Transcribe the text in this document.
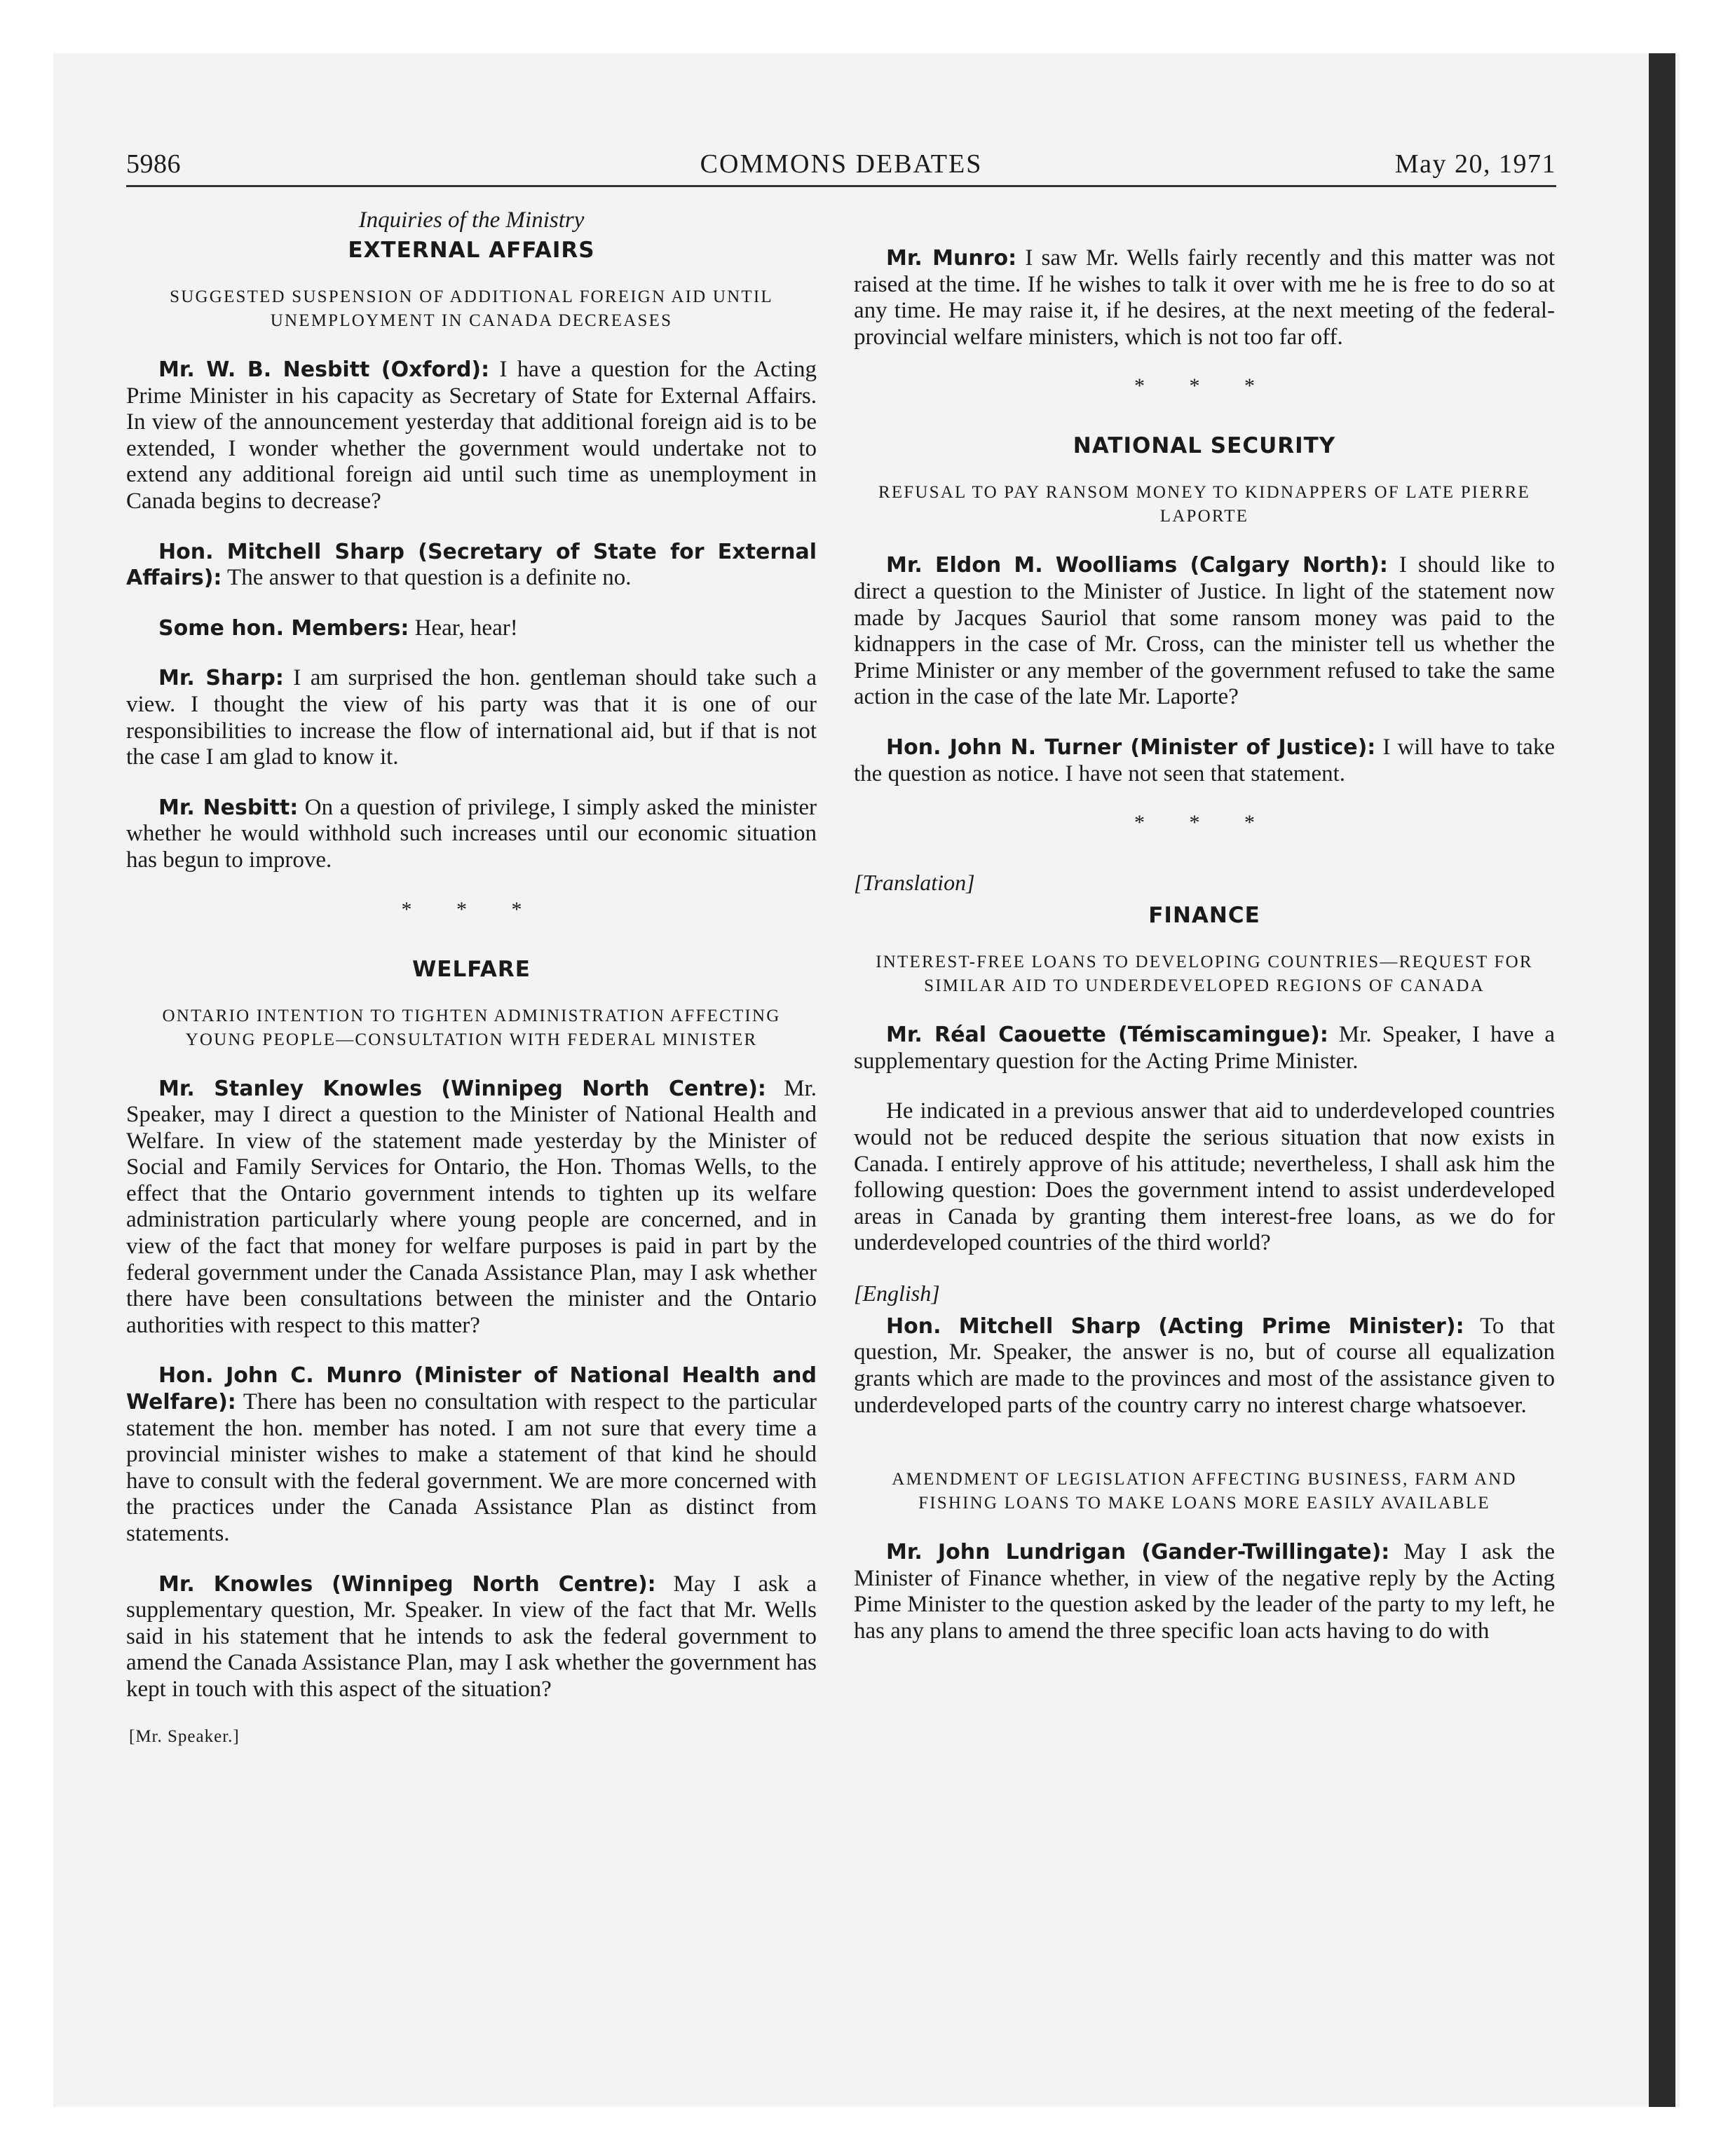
5986	COMMONS DEBATES	May 20, 1971
Inquiries of the Ministry
EXTERNAL AFFAIRS
SUGGESTED SUSPENSION OF ADDITIONAL FOREIGN AID UNTIL UNEMPLOYMENT IN CANADA DECREASES

Mr. W. B. Nesbitt (Oxford): I have a question for the Acting Prime Minister in his capacity as Secretary of State for External Affairs. In view of the announcement yesterday that additional foreign aid is to be extended, I wonder whether the government would undertake not to extend any additional foreign aid until such time as unemployment in Canada begins to decrease?

Hon. Mitchell Sharp (Secretary of State for External Affairs): The answer to that question is a definite no.

Some hon. Members: Hear, hear!

Mr. Sharp: I am surprised the hon. gentleman should take such a view. I thought the view of his party was that it is one of our responsibilities to increase the flow of international aid, but if that is not the case I am glad to know it.

Mr. Nesbitt: On a question of privilege, I simply asked the minister whether he would withhold such increases until our economic situation has begun to improve.

* * *
WELFARE
ONTARIO INTENTION TO TIGHTEN ADMINISTRATION AFFECTING YOUNG PEOPLE—CONSULTATION WITH FEDERAL MINISTER

Mr. Stanley Knowles (Winnipeg North Centre): Mr. Speaker, may I direct a question to the Minister of National Health and Welfare. In view of the statement made yesterday by the Minister of Social and Family Services for Ontario, the Hon. Thomas Wells, to the effect that the Ontario government intends to tighten up its welfare administration particularly where young people are concerned, and in view of the fact that money for welfare purposes is paid in part by the federal government under the Canada Assistance Plan, may I ask whether there have been consultations between the minister and the Ontario authorities with respect to this matter?

Hon. John C. Munro (Minister of National Health and Welfare): There has been no consultation with respect to the particular statement the hon. member has noted. I am not sure that every time a provincial minister wishes to make a statement of that kind he should have to consult with the federal government. We are more concerned with the practices under the Canada Assistance Plan as distinct from statements.

Mr. Knowles (Winnipeg North Centre): May I ask a supplementary question, Mr. Speaker. In view of the fact that Mr. Wells said in his statement that he intends to ask the federal government to amend the Canada Assistance Plan, may I ask whether the government has kept in touch with this aspect of the situation?

[Mr. Speaker.]

Mr. Munro: I saw Mr. Wells fairly recently and this matter was not raised at the time. If he wishes to talk it over with me he is free to do so at any time. He may raise it, if he desires, at the next meeting of the federal-provincial welfare ministers, which is not too far off.

* * *
NATIONAL SECURITY
REFUSAL TO PAY RANSOM MONEY TO KIDNAPPERS OF LATE PIERRE LAPORTE

Mr. Eldon M. Woolliams (Calgary North): I should like to direct a question to the Minister of Justice. In light of the statement now made by Jacques Sauriol that some ransom money was paid to the kidnappers in the case of Mr. Cross, can the minister tell us whether the Prime Minister or any member of the government refused to take the same action in the case of the late Mr. Laporte?

Hon. John N. Turner (Minister of Justice): I will have to take the question as notice. I have not seen that statement.

* * *
[Translation]
FINANCE
INTEREST-FREE LOANS TO DEVELOPING COUNTRIES—REQUEST FOR SIMILAR AID TO UNDERDEVELOPED REGIONS OF CANADA

Mr. Réal Caouette (Témiscamingue): Mr. Speaker, I have a supplementary question for the Acting Prime Minister.

He indicated in a previous answer that aid to underdeveloped countries would not be reduced despite the serious situation that now exists in Canada. I entirely approve of his attitude; nevertheless, I shall ask him the following question: Does the government intend to assist underdeveloped areas in Canada by granting them interest-free loans, as we do for underdeveloped countries of the third world?

[English]

Hon. Mitchell Sharp (Acting Prime Minister): To that question, Mr. Speaker, the answer is no, but of course all equalization grants which are made to the provinces and most of the assistance given to underdeveloped parts of the country carry no interest charge whatsoever.

AMENDMENT OF LEGISLATION AFFECTING BUSINESS, FARM AND FISHING LOANS TO MAKE LOANS MORE EASILY AVAILABLE

Mr. John Lundrigan (Gander-Twillingate): May I ask the Minister of Finance whether, in view of the negative reply by the Acting Pime Minister to the question asked by the leader of the party to my left, he has any plans to amend the three specific loan acts having to do with
